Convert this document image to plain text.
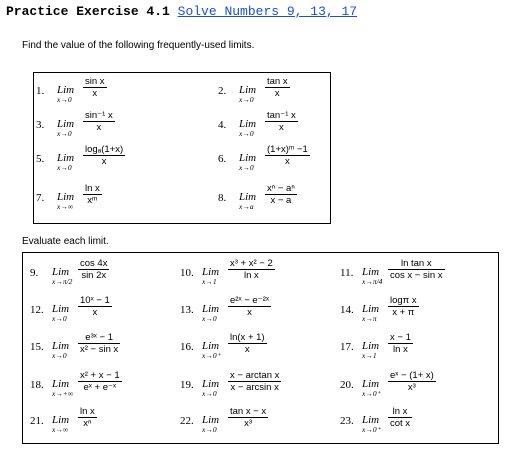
Practice Exercise 4.1 Solve Numbers 9, 13, 17
Find the value of the following frequently-used limits.
Evaluate each limit.
1. Lim
x→0
$\frac{\text{sin x}}{x}$	2. Lim
x→0
$\frac{\text{tan x}}{x}$
3. Lim
x→0
$\frac{\text{sin⁻¹ x}}{x}$	4. Lim
x→0
$\frac{\text{tan⁻¹ x}}{x}$
5. Lim
x→0
$\frac{\text{logₐ(1+x)}}{x}$	6. Lim
x→0
$\frac{\text{(1+x)ᵐ −1}}{x}$
7. Lim
x→∞
$\frac{\text{ln x}}{\text{xᵐ}}$	8. Lim
x→a
$\frac{\text{xⁿ − aⁿ}}{x - a}$
9. Lim
x→π/2
$\frac{\cos 4x}{\sin 2x}$	10. Lim
x→1
$\frac{\text{x³ + x² − 2}}{\text{ln x}}$	11. Lim
x→π/4
$\frac{\text{ln tan x}}{\text{cos x − sin x}}$
12. Lim
x→0
$\frac{\text{10ˣ − 1}}{x}$	13. Lim
x→0
$\frac{\text{e²ˣ − e⁻²ˣ}}{x}$	14. Lim
x→π
$\frac{\text{logπ x}}{x + \pi}$
15. Lim
x→0
$\frac{\text{e³ˣ − 1}}{\text{x² − sin x}}$	16. Lim
x→0⁺
$\frac{\ln(x + 1)}{x}$	17. Lim
x→1
$\frac{x - 1}{\text{ln x}}$
18. Lim
x→+∞
$\frac{\text{x² + x − 1}}{\text{eˣ + e⁻ˣ}}$	19. Lim
x→0
$\frac{\text{x − arctan x}}{\text{x − arcsin x}}$	20. Lim
x→0⁺
$\frac{\text{eˣ − (1+ x)}}{\text{x³}}$
21. Lim
x→∞
$\frac{\text{ln x}}{\text{xⁿ}}$	22. Lim
x→0
$\frac{\text{tan x − x}}{\text{x³}}$	23. Lim
x→0⁺
$\frac{\text{ln x}}{\text{cot x}}$
